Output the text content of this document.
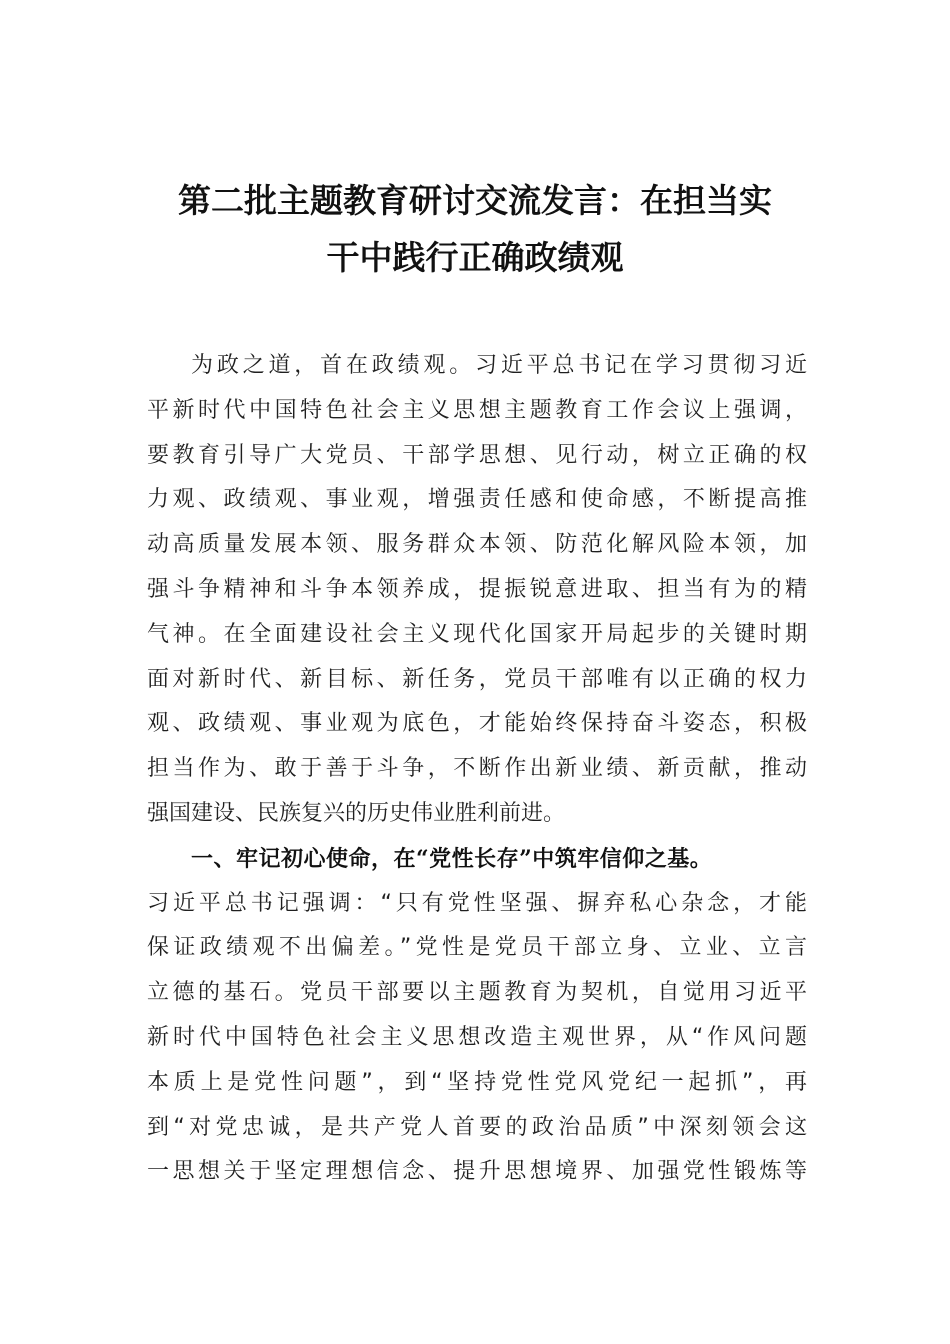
第二批主题教育研讨交流发言：在担当实
干中践行正确政绩观
为政之道，首在政绩观。习近平总书记在学习贯彻习近
平新时代中国特色社会主义思想主题教育工作会议上强调，
要教育引导广大党员、干部学思想、见行动，树立正确的权
力观、政绩观、事业观，增强责任感和使命感，不断提高推
动高质量发展本领、服务群众本领、防范化解风险本领，加
强斗争精神和斗争本领养成，提振锐意进取、担当有为的精
气神。在全面建设社会主义现代化国家开局起步的关键时期
面对新时代、新目标、新任务，党员干部唯有以正确的权力
观、政绩观、事业观为底色，才能始终保持奋斗姿态，积极
担当作为、敢于善于斗争，不断作出新业绩、新贡献，推动
强国建设、民族复兴的历史伟业胜利前进。
一、牢记初心使命，在“党性长存”中筑牢信仰之基。
习近平总书记强调：“只有党性坚强、摒弃私心杂念，才能
保证政绩观不出偏差。”党性是党员干部立身、立业、立言
立德的基石。党员干部要以主题教育为契机，自觉用习近平
新时代中国特色社会主义思想改造主观世界，从“作风问题
本质上是党性问题”，到“坚持党性党风党纪一起抓”，再
到“对党忠诚，是共产党人首要的政治品质”中深刻领会这
一思想关于坚定理想信念、提升思想境界、加强党性锻炼等
